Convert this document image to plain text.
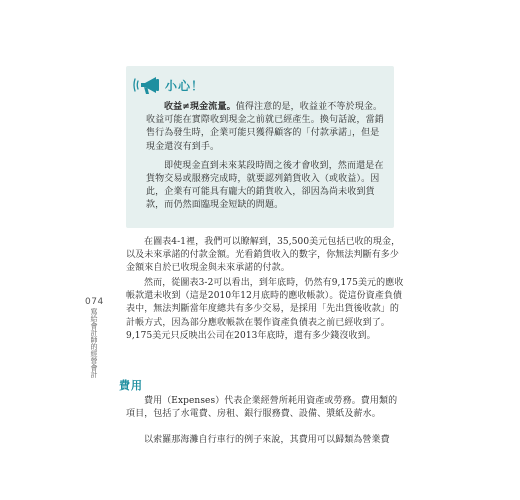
小心！

收益≠現金流量。值得注意的是，收益並不等於現金。收益可能在實際收到現金之前就已經產生。換句話說，當銷售行為發生時，企業可能只獲得顧客的「付款承諾」，但是現金還沒有到手。

即使現金直到未來某段時間之後才會收到，然而還是在貨物交易或服務完成時，就要認列銷貨收入（或收益）。因此，企業有可能具有龐大的銷貨收入，卻因為尚未收到貨款，而仍然面臨現金短缺的問題。

在圖表4-1裡，我們可以瞭解到，35,500美元包括已收的現金，以及未來承諾的付款金額。光看銷貨收入的數字，你無法判斷有多少金額來自於已收現金與未來承諾的付款。

然而，從圖表3-2可以看出，到年底時，仍然有9,175美元的應收帳款還未收到（這是2010年12月底時的應收帳款）。從這份資產負債表中，無法判斷當年度總共有多少交易，是採用「先出貨後收款」的計帳方式，因為部分應收帳款在製作資產負債表之前已經收到了。9,175美元只反映出公司在2013年底時，還有多少錢沒收到。

費用

費用（Expenses）代表企業經營所耗用資產或勞務。費用類的項目，包括了水電費、房租、銀行服務費、設備、漿紙及薪水。

以索羅那海灘自行車行的例子來說，其費用可以歸類為營業費

074
寫給會計師的經營會計
